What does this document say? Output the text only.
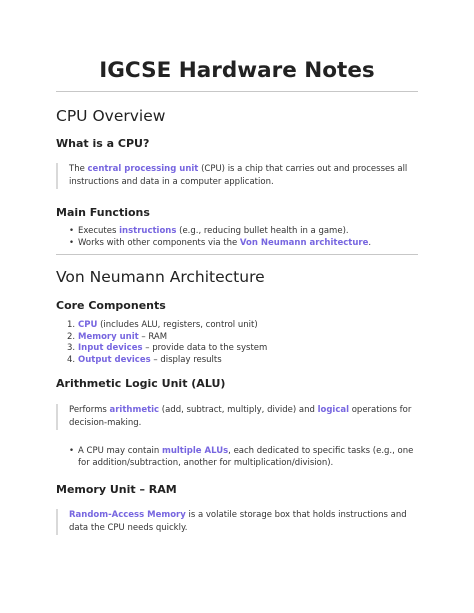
IGCSE Hardware Notes
CPU Overview
What is a CPU?
The central processing unit (CPU) is a chip that carries out and processes all instructions and data in a computer application.
Main Functions
• Executes instructions (e.g., reducing bullet health in a game).
• Works with other components via the Von Neumann architecture.
Von Neumann Architecture
Core Components
1. CPU (includes ALU, registers, control unit)
2. Memory unit – RAM
3. Input devices – provide data to the system
4. Output devices – display results
Arithmetic Logic Unit (ALU)
Performs arithmetic (add, subtract, multiply, divide) and logical operations for decision-making.
• A CPU may contain multiple ALUs, each dedicated to specific tasks (e.g., one for addition/subtraction, another for multiplication/division).
Memory Unit – RAM
Random-Access Memory is a volatile storage box that holds instructions and data the CPU needs quickly.
